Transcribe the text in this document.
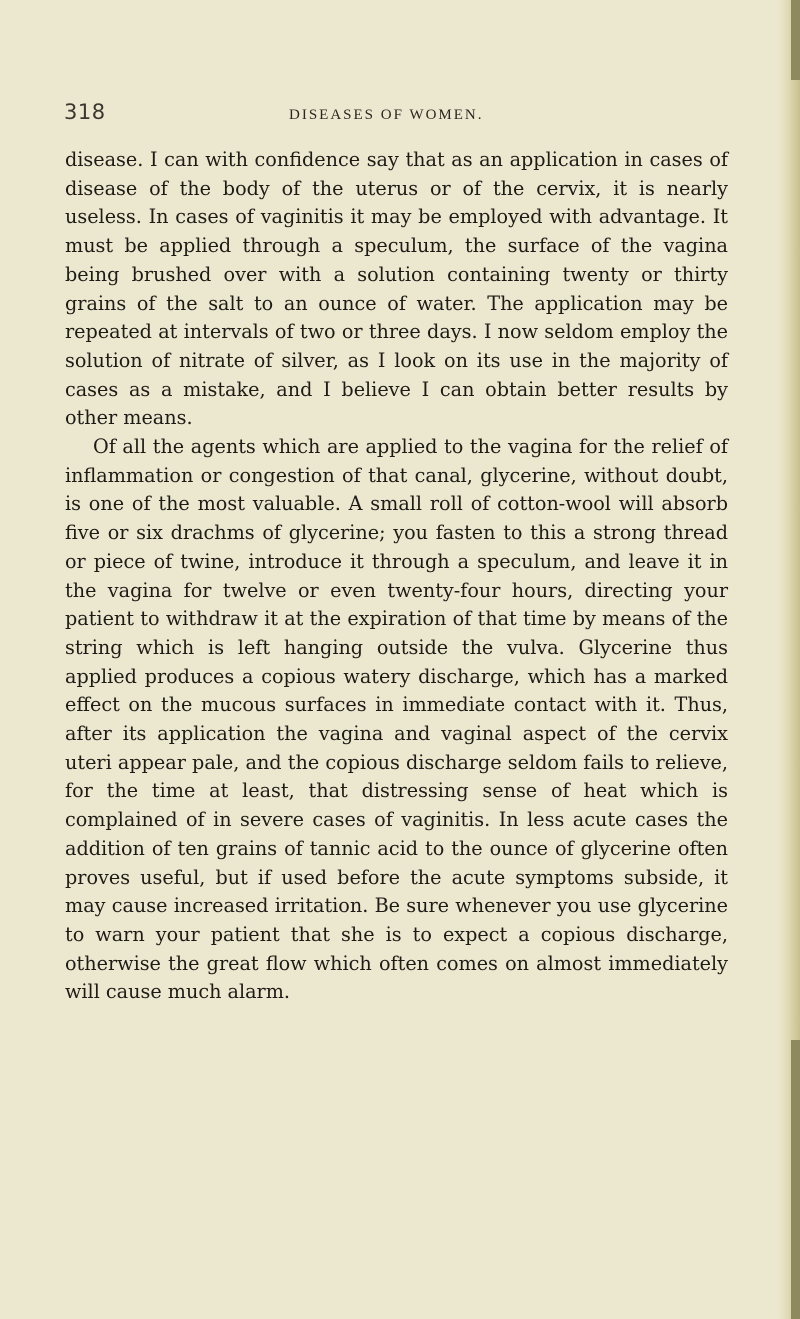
318	DISEASES OF WOMEN.

disease. I can with confidence say that as an application in cases of disease of the body of the uterus or of the cervix, it is nearly useless. In cases of vaginitis it may be employed with advantage. It must be applied through a speculum, the surface of the vagina being brushed over with a solution containing twenty or thirty grains of the salt to an ounce of water. The application may be repeated at intervals of two or three days. I now seldom employ the solution of nitrate of silver, as I look on its use in the majority of cases as a mistake, and I believe I can obtain better results by other means.

Of all the agents which are applied to the vagina for the relief of inflammation or congestion of that canal, glycerine, without doubt, is one of the most valuable. A small roll of cotton-wool will absorb five or six drachms of glycerine; you fasten to this a strong thread or piece of twine, introduce it through a speculum, and leave it in the vagina for twelve or even twenty-four hours, directing your patient to withdraw it at the expiration of that time by means of the string which is left hanging outside the vulva. Glycerine thus applied produces a copious watery discharge, which has a marked effect on the mucous surfaces in immediate contact with it. Thus, after its application the vagina and vaginal aspect of the cervix uteri appear pale, and the copious discharge seldom fails to relieve, for the time at least, that distressing sense of heat which is complained of in severe cases of vaginitis. In less acute cases the addition of ten grains of tannic acid to the ounce of glycerine often proves useful, but if used before the acute symptoms subside, it may cause increased irritation. Be sure whenever you use glycerine to warn your patient that she is to expect a copious discharge, otherwise the great flow which often comes on almost immediately will cause much alarm.
